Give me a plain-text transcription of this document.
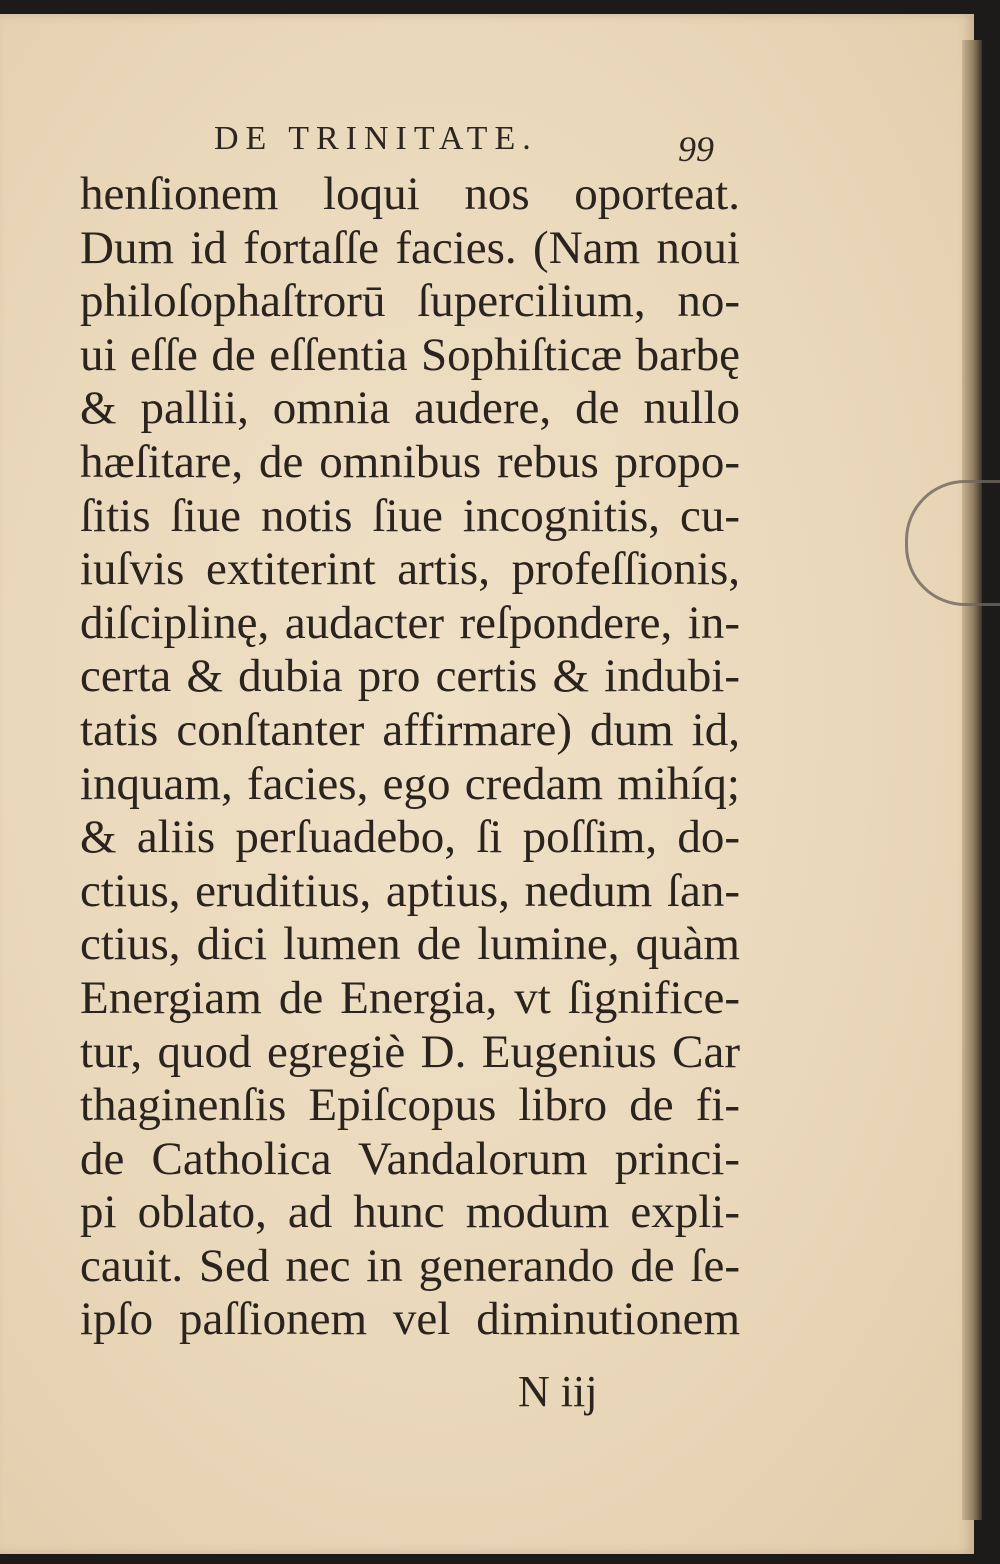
DE TRINITATE.	99
henſionem loqui nos oporteat.
Dum id fortaſſe facies. (Nam noui
philoſophaſtrorū ſupercilium, no-
ui eſſe de eſſentia Sophiſticæ barbę
& pallii, omnia audere, de nullo
hæſitare, de omnibus rebus propo-
ſitis ſiue notis ſiue incognitis, cu-
iuſvis extiterint artis, profeſſionis,
diſciplinę, audacter reſpondere, in-
certa & dubia pro certis & indubi-
tatis conſtanter affirmare) dum id,
inquam, facies, ego credam mihíq;
& aliis perſuadebo, ſi poſſim, do-
ctius, eruditius, aptius, nedum ſan-
ctius, dici lumen de lumine, quàm
Energiam de Energia, vt ſignifice-
tur, quod egregiè D. Eugenius Car
thaginenſis Epiſcopus libro de fi-
de Catholica Vandalorum princi-
pi oblato, ad hunc modum expli-
cauit. Sed nec in generando de ſe-
ipſo paſſionem vel diminutionem
N iij
